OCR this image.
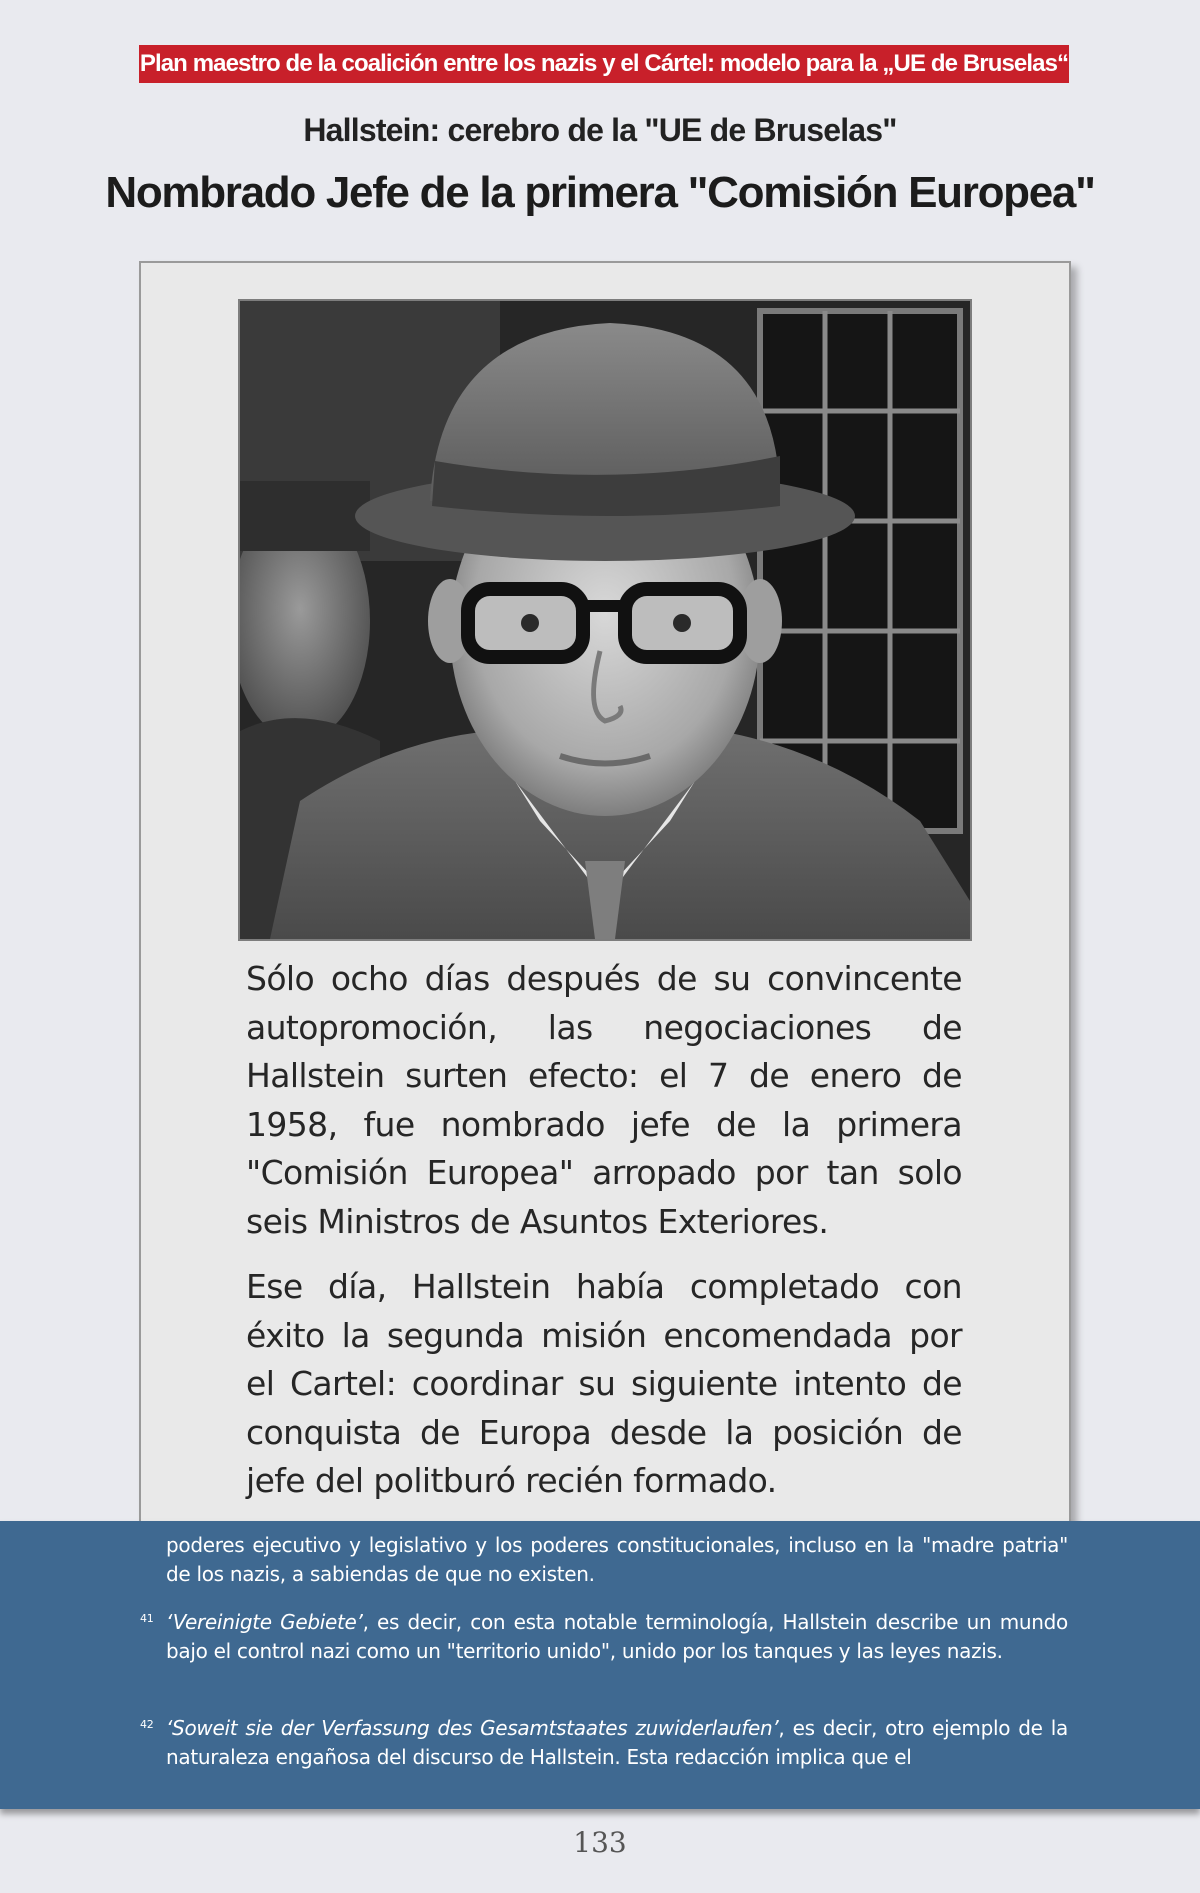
Plan maestro de la coalición entre los nazis y el Cártel: modelo para la „UE de Bruselas“
Hallstein: cerebro de la "UE de Bruselas"
Nombrado Jefe de la primera "Comisión Europea"
Sólo ocho días después de su convincente autopromoción, las negociaciones de Hallstein surten efecto: el 7 de enero de 1958, fue nombrado jefe de la primera "Comisión Europea" arropado por tan solo seis Ministros de Asuntos Exteriores.
Ese día, Hallstein había completado con éxito la segunda misión encomendada por el Cartel: coordinar su siguiente intento de conquista de Europa desde la posición de jefe del politburó recién formado.
poderes ejecutivo y legislativo y los poderes constitucionales, incluso en la "madre patria" de los nazis, a sabiendas de que no existen.
41 ‘Vereinigte Gebiete’, es decir, con esta notable terminología, Hallstein describe un mundo bajo el control nazi como un "territorio unido", unido por los tanques y las leyes nazis.
42 ‘Soweit sie der Verfassung des Gesamtstaates zuwiderlaufen’, es decir, otro ejemplo de la naturaleza engañosa del discurso de Hallstein. Esta redacción implica que el
133
